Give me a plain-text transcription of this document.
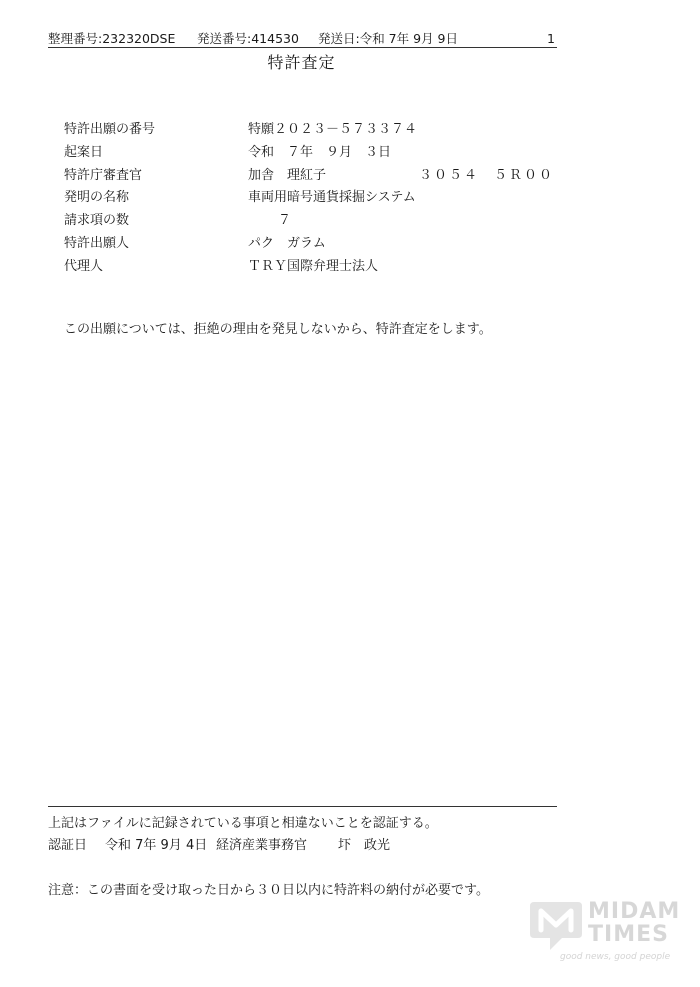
整理番号:232320DSE 発送番号:414530 発送日:令和 7年 9月 9日	1
特許査定
特許出願の番号	特願２０２３－５７３３７４
起案日	令和　７年　９月　３日
特許庁審査官	加舎　理紅子	３０５４　５Ｒ００
発明の名称	車両用暗号通貨採掘システム
請求項の数	７
特許出願人	パク　ガラム
代理人	ＴＲＹ国際弁理士法人
この出願については、拒絶の理由を発見しないから、特許査定をします。
上記はファイルに記録されている事項と相違ないことを認証する。
認証日 令和 7年 9月 4日 経済産業事務官 圷　政光
注意：この書面を受け取った日から３０日以内に特許料の納付が必要です。
MIDAM
TIMES
good news, good people
